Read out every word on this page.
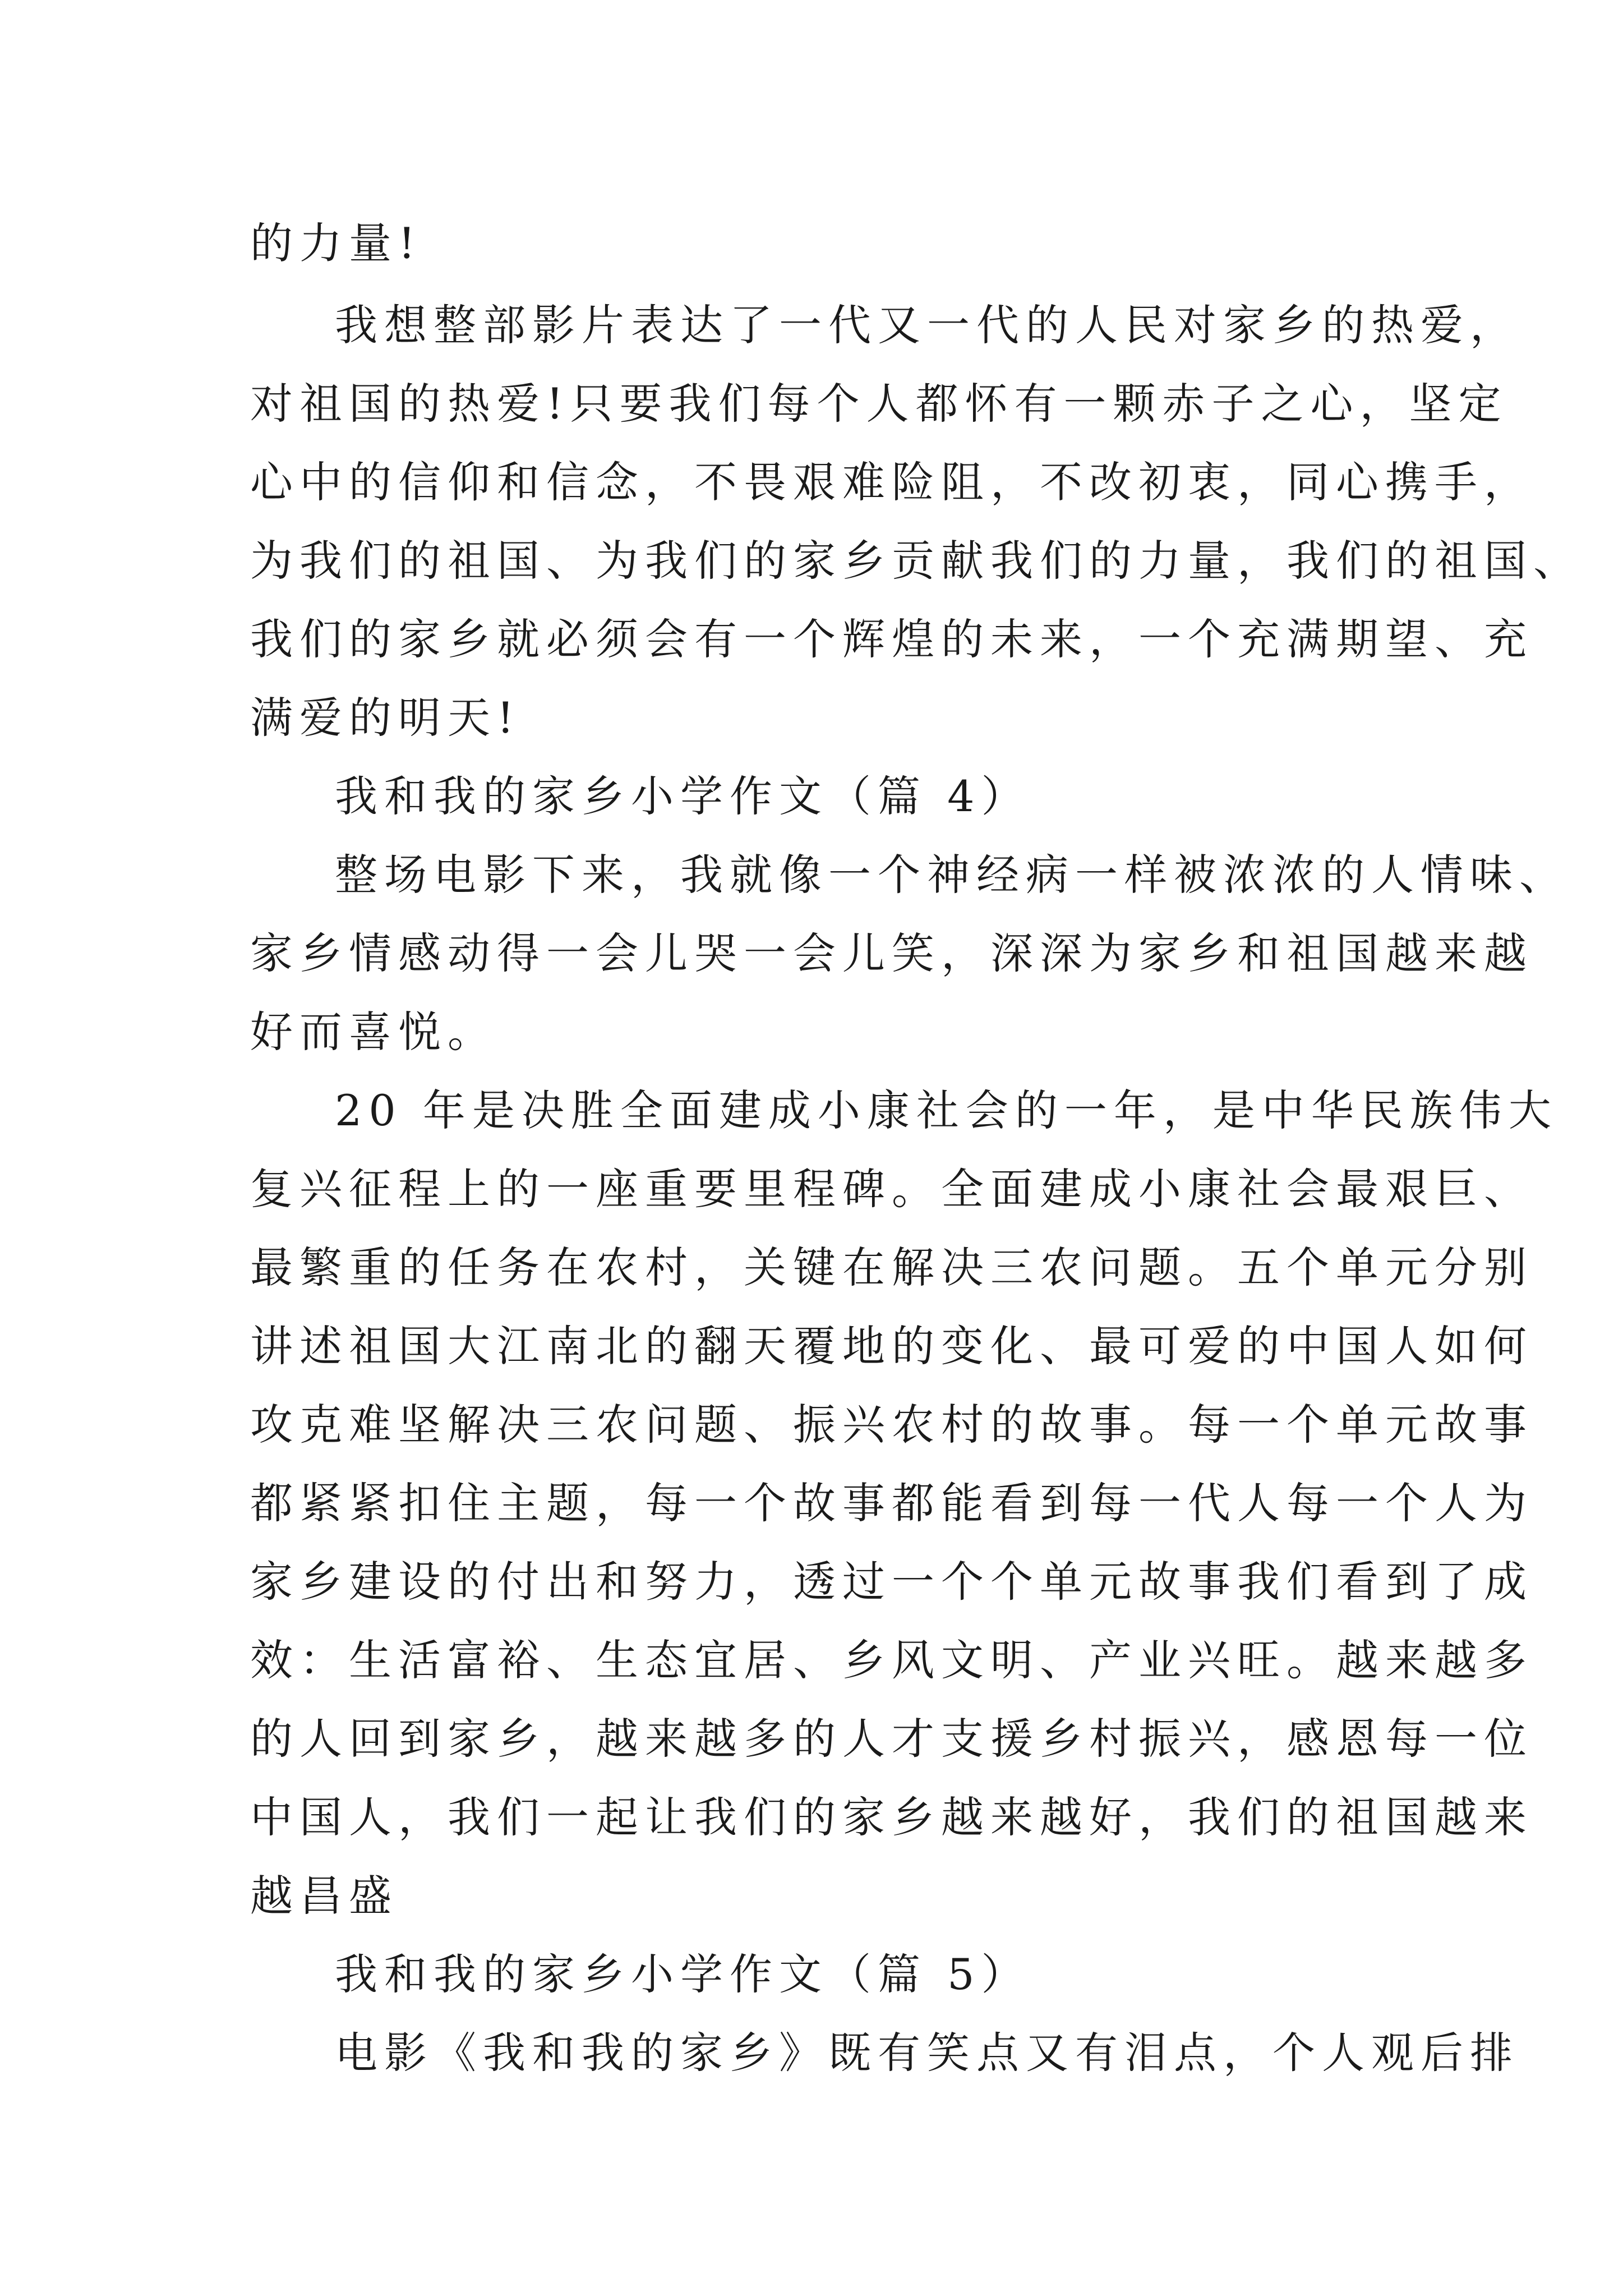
的力量!
我想整部影片表达了一代又一代的人民对家乡的热爱，
对祖国的热爱!只要我们每个人都怀有一颗赤子之心，坚定
心中的信仰和信念，不畏艰难险阻，不改初衷，同心携手，
为我们的祖国、为我们的家乡贡献我们的力量，我们的祖国、
我们的家乡就必须会有一个辉煌的未来，一个充满期望、充
满爱的明天!
我和我的家乡小学作文（篇 4）
整场电影下来，我就像一个神经病一样被浓浓的人情味、
家乡情感动得一会儿哭一会儿笑，深深为家乡和祖国越来越
好而喜悦。
20 年是决胜全面建成小康社会的一年，是中华民族伟大
复兴征程上的一座重要里程碑。全面建成小康社会最艰巨、
最繁重的任务在农村，关键在解决三农问题。五个单元分别
讲述祖国大江南北的翻天覆地的变化、最可爱的中国人如何
攻克难坚解决三农问题、振兴农村的故事。每一个单元故事
都紧紧扣住主题，每一个故事都能看到每一代人每一个人为
家乡建设的付出和努力，透过一个个单元故事我们看到了成
效：生活富裕、生态宜居、乡风文明、产业兴旺。越来越多
的人回到家乡，越来越多的人才支援乡村振兴，感恩每一位
中国人，我们一起让我们的家乡越来越好，我们的祖国越来
越昌盛
我和我的家乡小学作文（篇 5）
电影《我和我的家乡》既有笑点又有泪点，个人观后排
